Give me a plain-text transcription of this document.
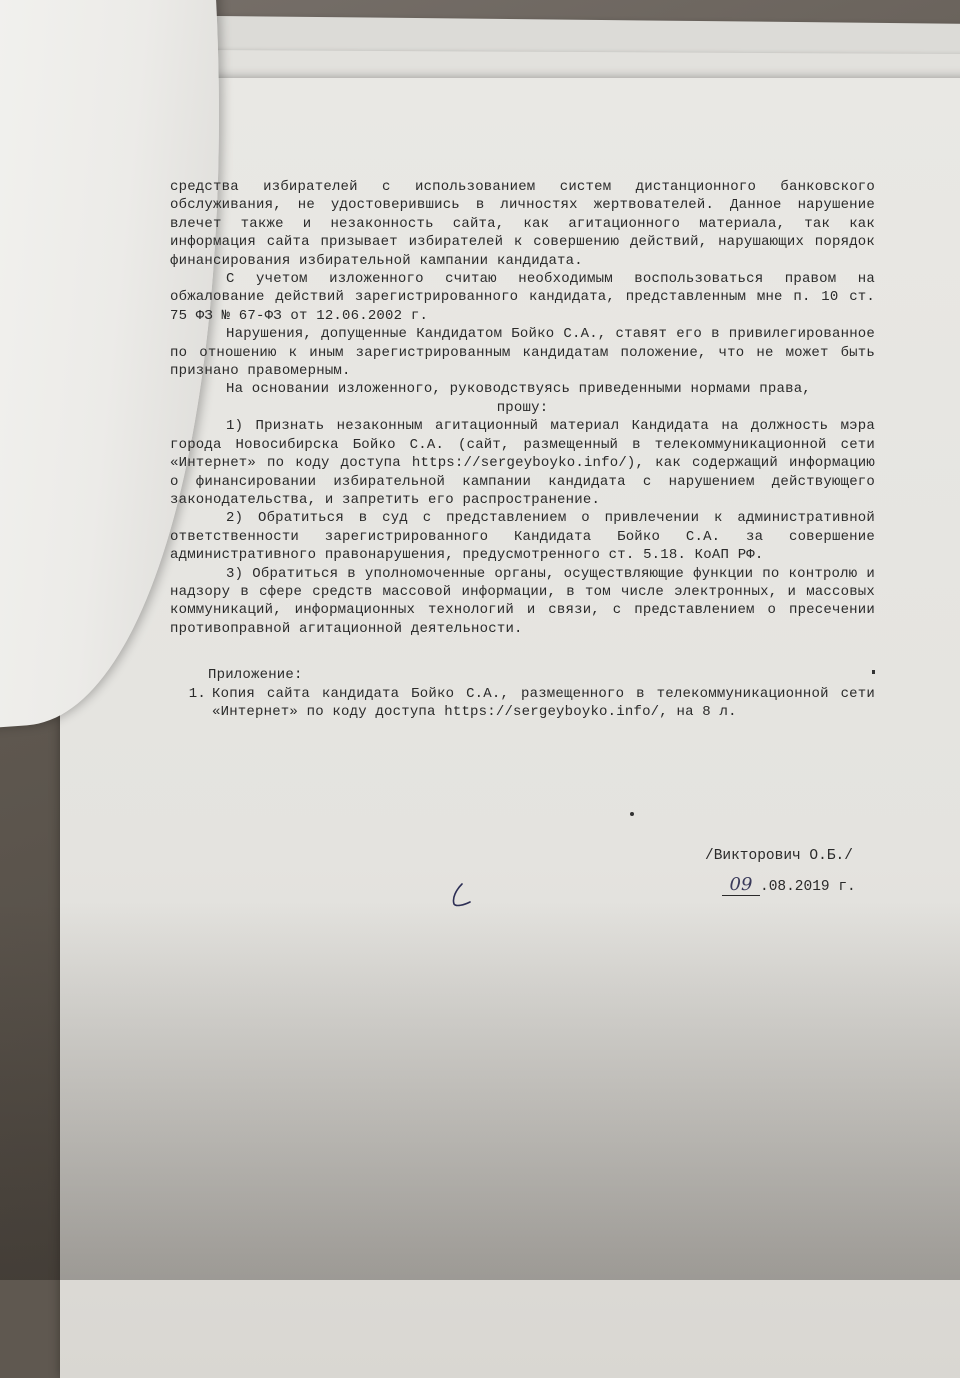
средства избирателей с использованием систем дистанционного банковского обслуживания, не удостоверившись в личностях жертвователей. Данное нарушение влечет также и незаконность сайта, как агитационного материала, так как информация сайта призывает избирателей к совершению действий, нарушающих порядок финансирования избирательной кампании кандидата.

С учетом изложенного считаю необходимым воспользоваться правом на обжалование действий зарегистрированного кандидата, представленным мне п. 10 ст. 75 ФЗ № 67-ФЗ от 12.06.2002 г.

Нарушения, допущенные Кандидатом Бойко С.А., ставят его в привилегированное по отношению к иным зарегистрированным кандидатам положение, что не может быть признано правомерным.

На основании изложенного, руководствуясь приведенными нормами права,

прошу:

1) Признать незаконным агитационный материал Кандидата на должность мэра города Новосибирска Бойко С.А. (сайт, размещенный в телекоммуникационной сети «Интернет» по коду доступа https://sergeyboyko.info/), как содержащий информацию о финансировании избирательной кампании кандидата с нарушением действующего законодательства, и запретить его распространение.

2) Обратиться в суд с представлением о привлечении к административной ответственности зарегистрированного Кандидата Бойко С.А. за совершение административного правонарушения, предусмотренного ст. 5.18. КоАП РФ.

3) Обратиться в уполномоченные органы, осуществляющие функции по контролю и надзору в сфере средств массовой информации, в том числе электронных, и массовых коммуникаций, информационных технологий и связи, с представлением о пресечении противоправной агитационной деятельности.

Приложение:
1. Копия сайта кандидата Бойко С.А., размещенного в телекоммуникационной сети «Интернет» по коду доступа https://sergeyboyko.info/, на 8 л.

/Викторович О.Б./
09 .08.2019 г.
